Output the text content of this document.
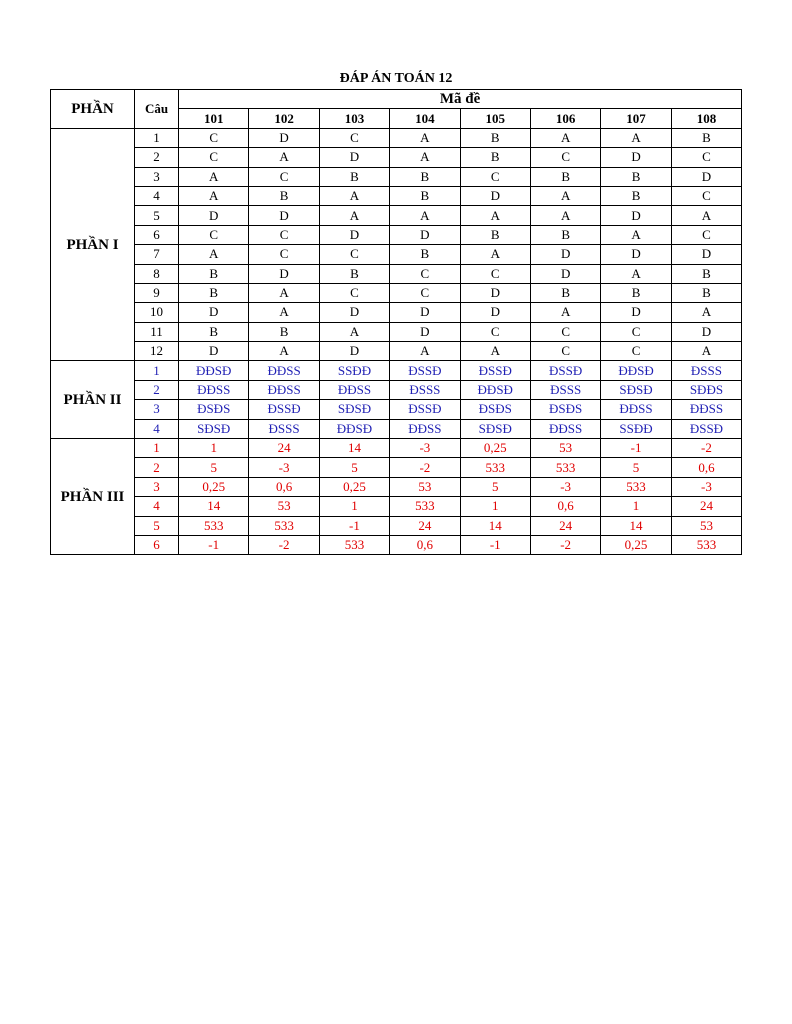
ĐÁP ÁN TOÁN 12
PHẦN	Câu	Mã đề							
		101	102	103	104	105	106	107	108
PHẦN I	1	C	D	C	A	B	A	A	B
	2	C	A	D	A	B	C	D	C
	3	A	C	B	B	C	B	B	D
	4	A	B	A	B	D	A	B	C
	5	D	D	A	A	A	A	D	A
	6	C	C	D	D	B	B	A	C
	7	A	C	C	B	A	D	D	D
	8	B	D	B	C	C	D	A	B
	9	B	A	C	C	D	B	B	B
	10	D	A	D	D	D	A	D	A
	11	B	B	A	D	C	C	C	D
	12	D	A	D	A	A	C	C	A
PHẦN II	1	ĐĐSĐ	ĐĐSS	SSĐĐ	ĐSSĐ	ĐSSĐ	ĐSSĐ	ĐĐSĐ	ĐSSS
	2	ĐĐSS	ĐĐSS	ĐĐSS	ĐSSS	ĐĐSĐ	ĐSSS	SĐSĐ	SĐĐS
	3	ĐSĐS	ĐSSĐ	SĐSĐ	ĐSSĐ	ĐSĐS	ĐSĐS	ĐĐSS	ĐĐSS
	4	SĐSĐ	ĐSSS	ĐĐSĐ	ĐĐSS	SĐSĐ	ĐĐSS	SSĐĐ	ĐSSĐ
PHẦN III	1	1	24	14	-3	0,25	53	-1	-2
	2	5	-3	5	-2	533	533	5	0,6
	3	0,25	0,6	0,25	53	5	-3	533	-3
	4	14	53	1	533	1	0,6	1	24
	5	533	533	-1	24	14	24	14	53
	6	-1	-2	533	0,6	-1	-2	0,25	533
